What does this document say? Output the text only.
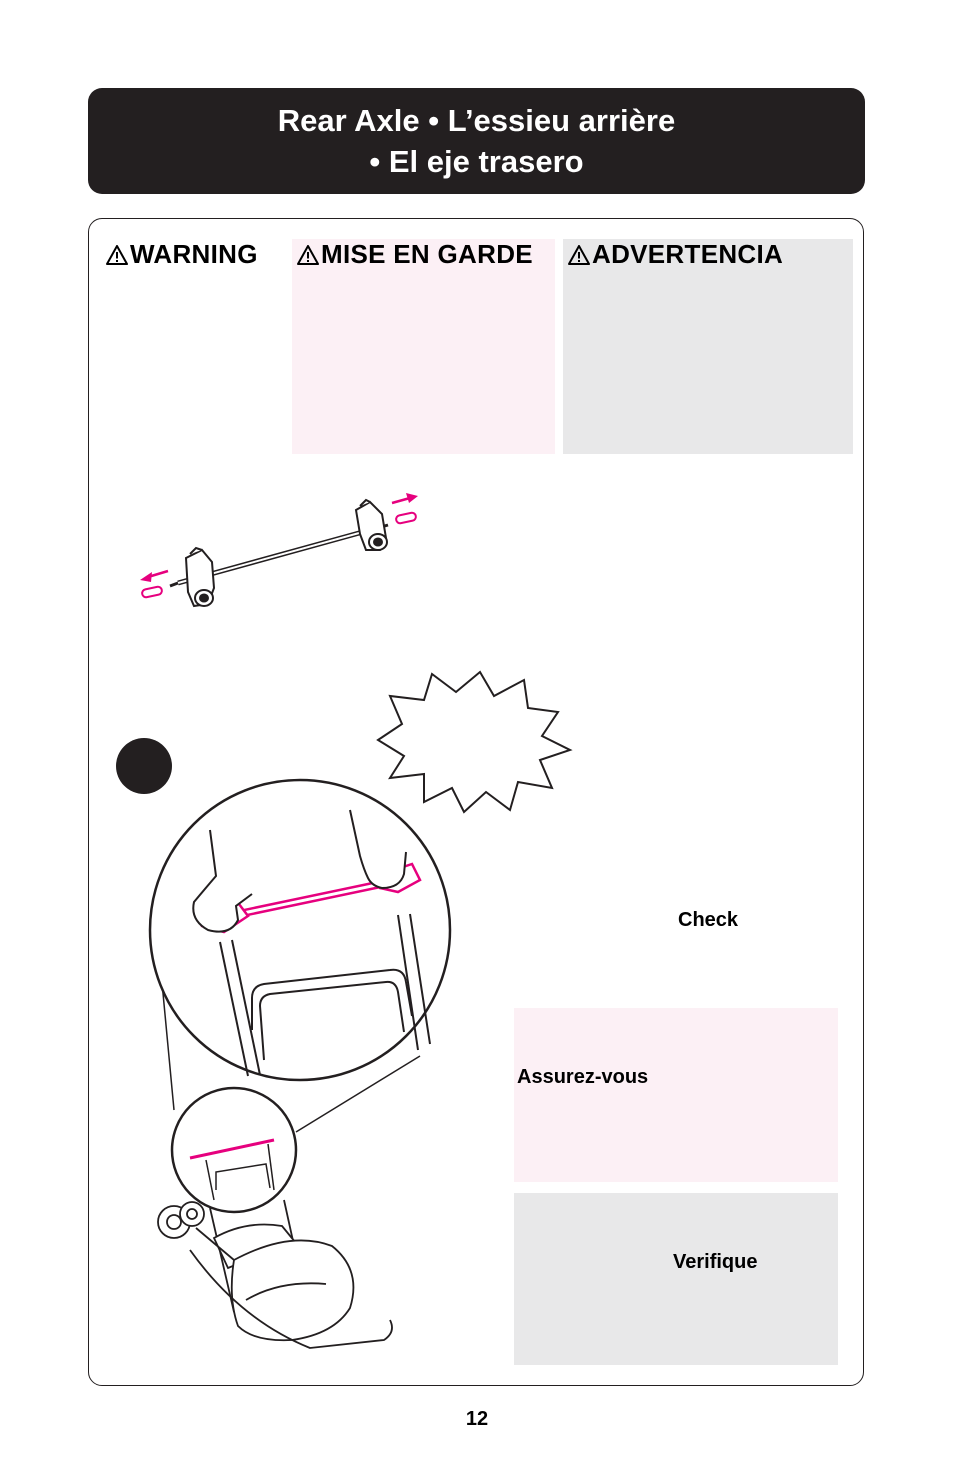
Rear Axle • L’essieu arrière
• El eje trasero
WARNING	MISE EN GARDE	ADVERTENCIA
Check
Assurez-vous
Verifique
12
